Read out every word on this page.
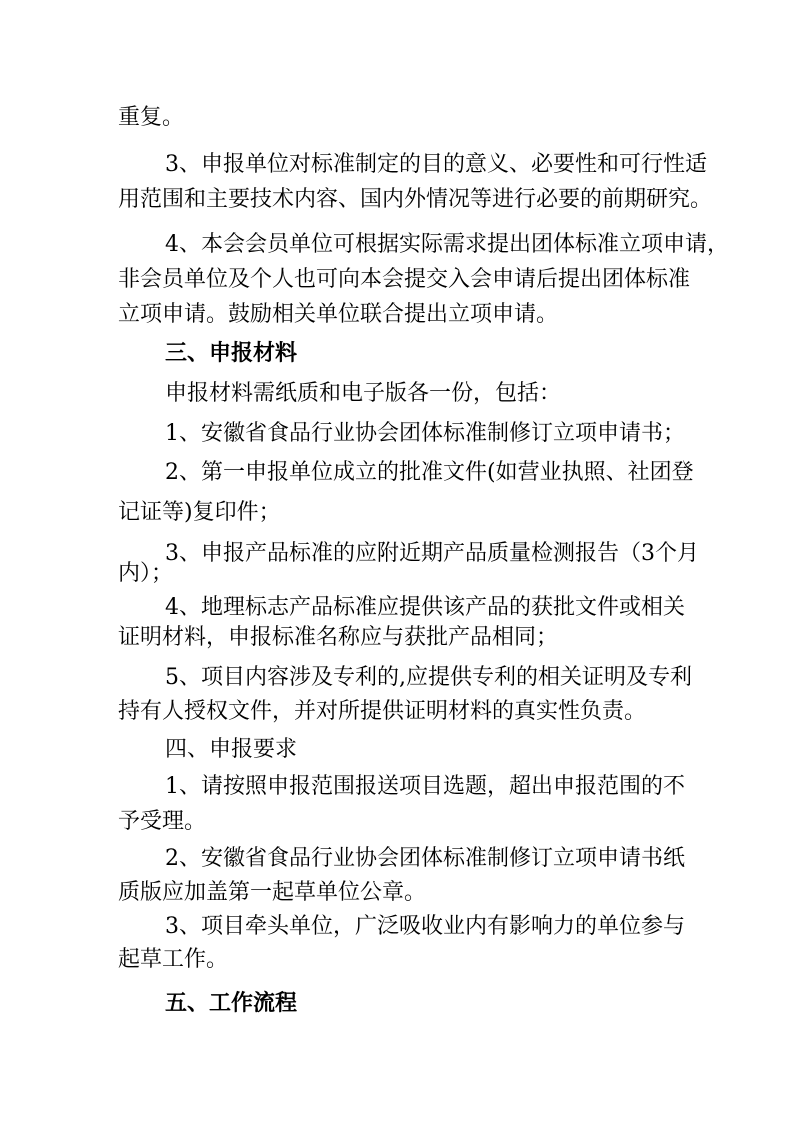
重复。
3、申报单位对标准制定的目的意义、必要性和可行性适
用范围和主要技术内容、国内外情况等进行必要的前期研究。
4、本会会员单位可根据实际需求提出团体标准立项申请，
非会员单位及个人也可向本会提交入会申请后提出团体标准
立项申请。鼓励相关单位联合提出立项申请。
三、申报材料
申报材料需纸质和电子版各一份，包括：
1、安徽省食品行业协会团体标准制修订立项申请书；
2、第一申报单位成立的批准文件(如营业执照、社团登
记证等)复印件；
3、申报产品标准的应附近期产品质量检测报告（3个月
内）；
4、地理标志产品标准应提供该产品的获批文件或相关
证明材料，申报标准名称应与获批产品相同；
5、项目内容涉及专利的,应提供专利的相关证明及专利
持有人授权文件，并对所提供证明材料的真实性负责。
四、申报要求
1、请按照申报范围报送项目选题，超出申报范围的不
予受理。
2、安徽省食品行业协会团体标准制修订立项申请书纸
质版应加盖第一起草单位公章。
3、项目牵头单位，广泛吸收业内有影响力的单位参与
起草工作。
五、工作流程
